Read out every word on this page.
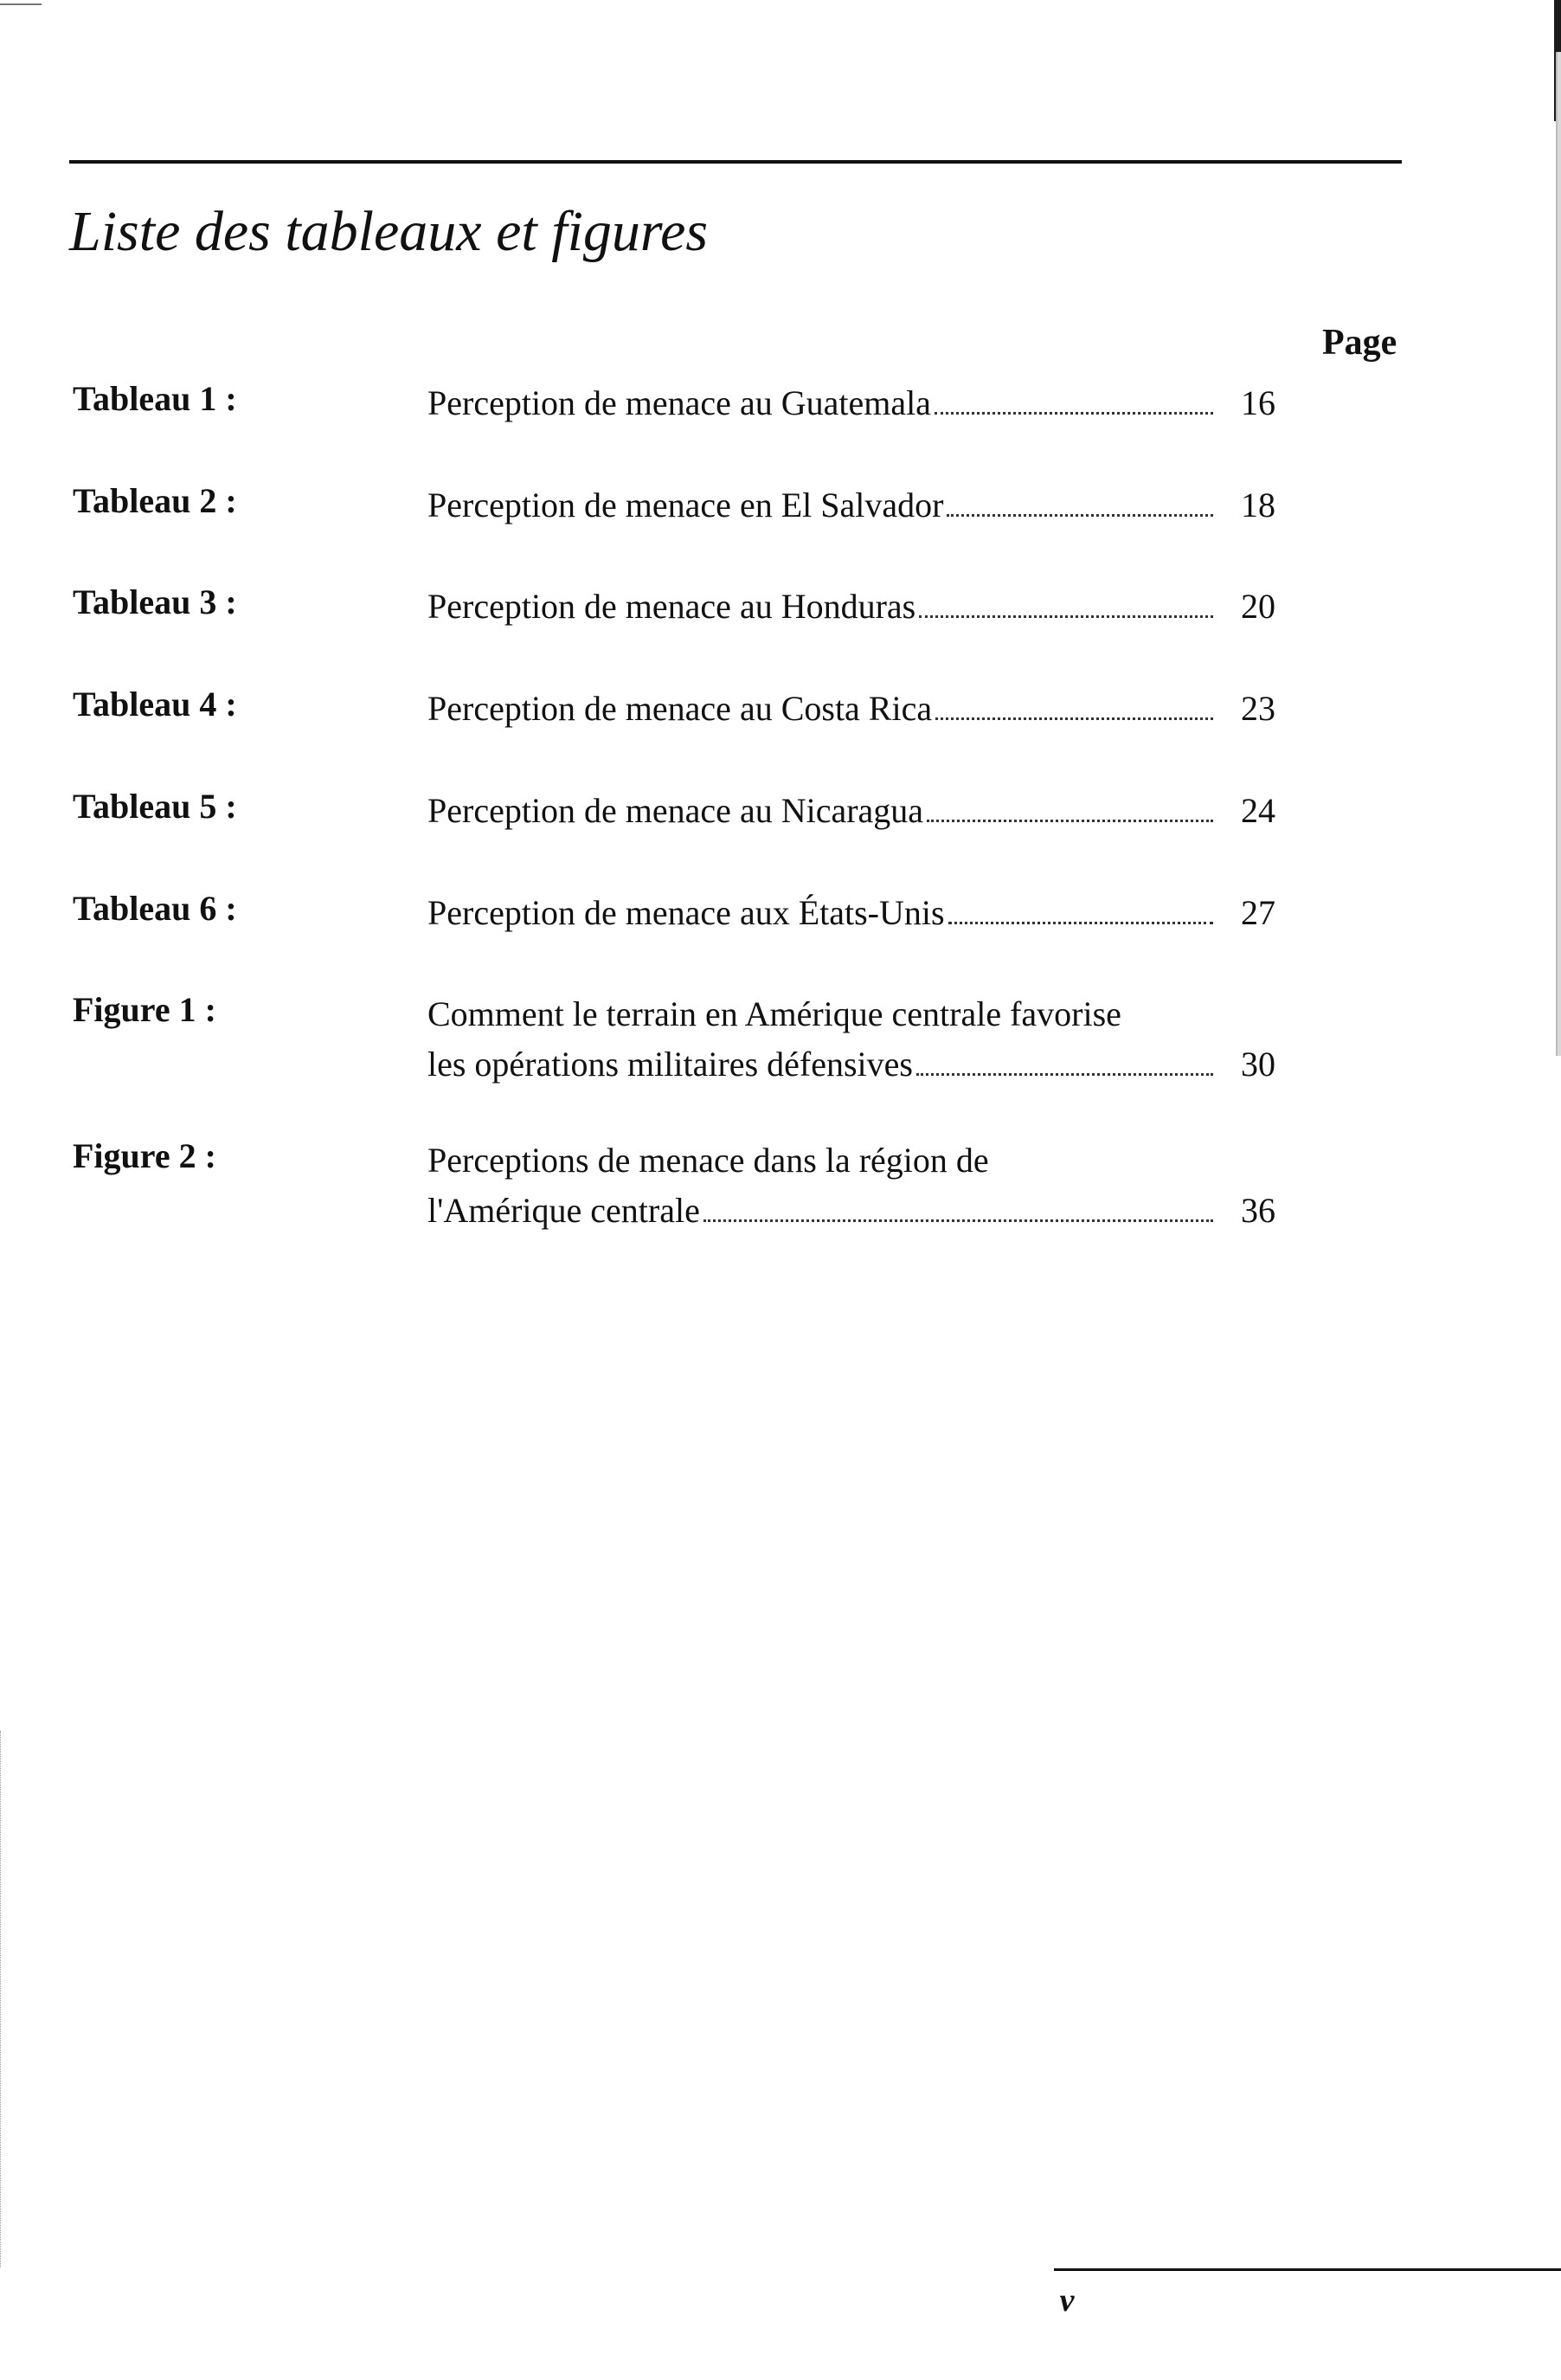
Liste des tableaux et figures
Page
Tableau 1 :	Perception de menace au Guatemala	16
Tableau 2 :	Perception de menace en El Salvador	18
Tableau 3 :	Perception de menace au Honduras	20
Tableau 4 :	Perception de menace au Costa Rica	23
Tableau 5 :	Perception de menace au Nicaragua	24
Tableau 6 :	Perception de menace aux États-Unis	27
Figure 1 :	Comment le terrain en Amérique centrale favorise
les opérations militaires défensives	30
Figure 2 :	Perceptions de menace dans la région de
l'Amérique centrale	36
v
